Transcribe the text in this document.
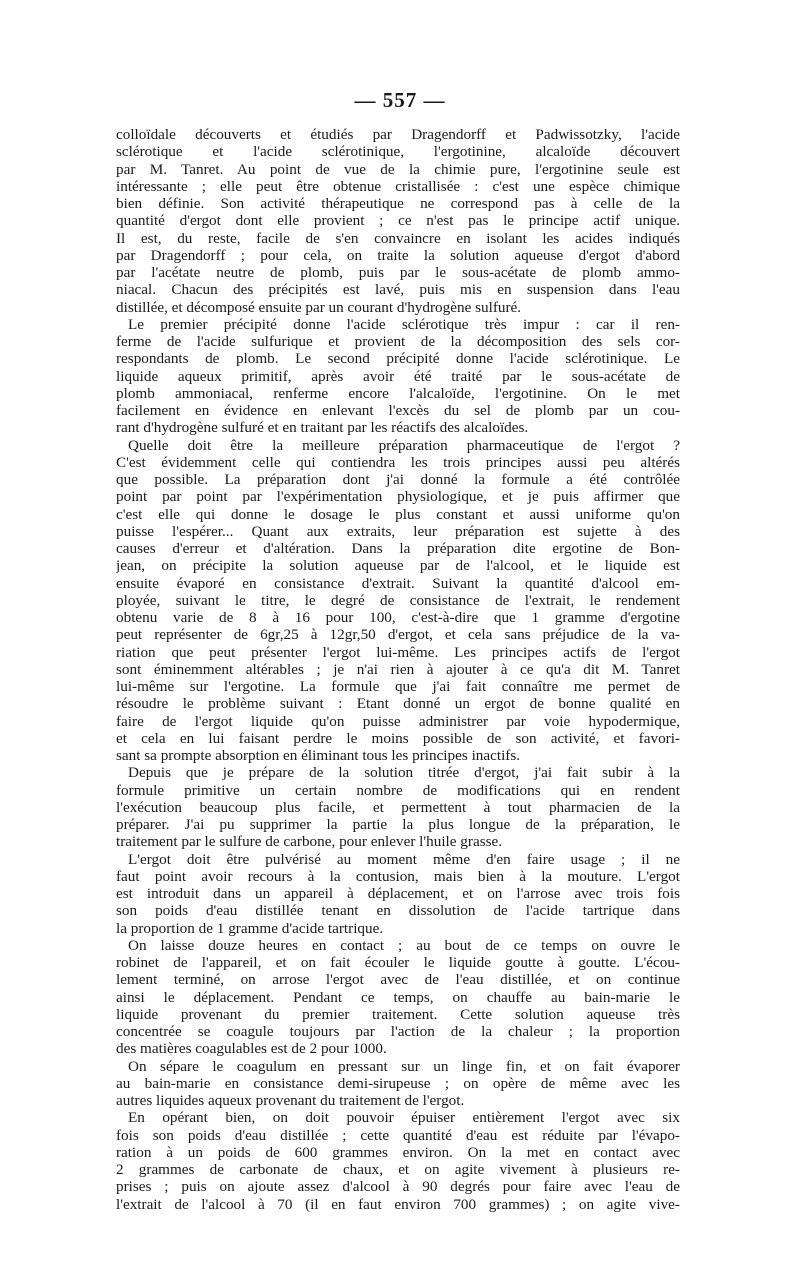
— 557 —
colloïdale découverts et étudiés par Dragendorff et Padwissotzky, l'acide
sclérotique et l'acide sclérotinique, l'ergotinine, alcaloïde découvert
par M. Tanret. Au point de vue de la chimie pure, l'ergotinine seule est
intéressante ; elle peut être obtenue cristallisée : c'est une espèce chimique
bien définie. Son activité thérapeutique ne correspond pas à celle de la
quantité d'ergot dont elle provient ; ce n'est pas le principe actif unique.
Il est, du reste, facile de s'en convaincre en isolant les acides indiqués
par Dragendorff ; pour cela, on traite la solution aqueuse d'ergot d'abord
par l'acétate neutre de plomb, puis par le sous-acétate de plomb ammo-
niacal. Chacun des précipités est lavé, puis mis en suspension dans l'eau
distillée, et décomposé ensuite par un courant d'hydrogène sulfuré.
Le premier précipité donne l'acide sclérotique très impur : car il ren-
ferme de l'acide sulfurique et provient de la décomposition des sels cor-
respondants de plomb. Le second précipité donne l'acide sclérotinique. Le
liquide aqueux primitif, après avoir été traité par le sous-acétate de
plomb ammoniacal, renferme encore l'alcaloïde, l'ergotinine. On le met
facilement en évidence en enlevant l'excès du sel de plomb par un cou-
rant d'hydrogène sulfuré et en traitant par les réactifs des alcaloïdes.
Quelle doit être la meilleure préparation pharmaceutique de l'ergot ?
C'est évidemment celle qui contiendra les trois principes aussi peu altérés
que possible. La préparation dont j'ai donné la formule a été contrôlée
point par point par l'expérimentation physiologique, et je puis affirmer que
c'est elle qui donne le dosage le plus constant et aussi uniforme qu'on
puisse l'espérer... Quant aux extraits, leur préparation est sujette à des
causes d'erreur et d'altération. Dans la préparation dite ergotine de Bon-
jean, on précipite la solution aqueuse par de l'alcool, et le liquide est
ensuite évaporé en consistance d'extrait. Suivant la quantité d'alcool em-
ployée, suivant le titre, le degré de consistance de l'extrait, le rendement
obtenu varie de 8 à 16 pour 100, c'est-à-dire que 1 gramme d'ergotine
peut représenter de 6gr,25 à 12gr,50 d'ergot, et cela sans préjudice de la va-
riation que peut présenter l'ergot lui-même. Les principes actifs de l'ergot
sont éminemment altérables ; je n'ai rien à ajouter à ce qu'a dit M. Tanret
lui-même sur l'ergotine. La formule que j'ai fait connaître me permet de
résoudre le problème suivant : Etant donné un ergot de bonne qualité en
faire de l'ergot liquide qu'on puisse administrer par voie hypodermique,
et cela en lui faisant perdre le moins possible de son activité, et favori-
sant sa prompte absorption en éliminant tous les principes inactifs.
Depuis que je prépare de la solution titrée d'ergot, j'ai fait subir à la
formule primitive un certain nombre de modifications qui en rendent
l'exécution beaucoup plus facile, et permettent à tout pharmacien de la
préparer. J'ai pu supprimer la partie la plus longue de la préparation, le
traitement par le sulfure de carbone, pour enlever l'huile grasse.
L'ergot doit être pulvérisé au moment même d'en faire usage ; il ne
faut point avoir recours à la contusion, mais bien à la mouture. L'ergot
est introduit dans un appareil à déplacement, et on l'arrose avec trois fois
son poids d'eau distillée tenant en dissolution de l'acide tartrique dans
la proportion de 1 gramme d'acide tartrique.
On laisse douze heures en contact ; au bout de ce temps on ouvre le
robinet de l'appareil, et on fait écouler le liquide goutte à goutte. L'écou-
lement terminé, on arrose l'ergot avec de l'eau distillée, et on continue
ainsi le déplacement. Pendant ce temps, on chauffe au bain-marie le
liquide provenant du premier traitement. Cette solution aqueuse très
concentrée se coagule toujours par l'action de la chaleur ; la proportion
des matières coagulables est de 2 pour 1000.
On sépare le coagulum en pressant sur un linge fin, et on fait évaporer
au bain-marie en consistance demi-sirupeuse ; on opère de même avec les
autres liquides aqueux provenant du traitement de l'ergot.
En opérant bien, on doit pouvoir épuiser entièrement l'ergot avec six
fois son poids d'eau distillée ; cette quantité d'eau est réduite par l'évapo-
ration à un poids de 600 grammes environ. On la met en contact avec
2 grammes de carbonate de chaux, et on agite vivement à plusieurs re-
prises ; puis on ajoute assez d'alcool à 90 degrés pour faire avec l'eau de
l'extrait de l'alcool à 70 (il en faut environ 700 grammes) ; on agite vive-
